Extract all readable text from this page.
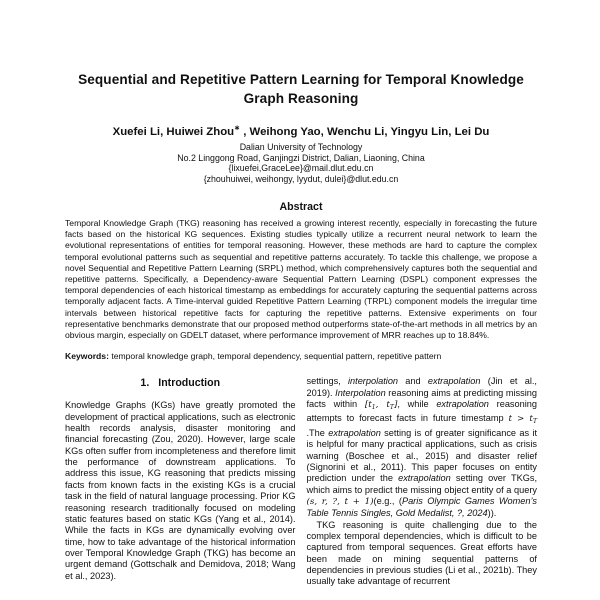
Sequential and Repetitive Pattern Learning for Temporal Knowledge Graph Reasoning
Xuefei Li, Huiwei Zhou∗ , Weihong Yao, Wenchu Li, Yingyu Lin, Lei Du
Dalian University of Technology
No.2 Linggong Road, Ganjingzi District, Dalian, Liaoning, China
{lixuefei,GraceLee}@mail.dlut.edu.cn
{zhouhuiwei, weihongy, lyydut, dulei}@dlut.edu.cn
Abstract

Temporal Knowledge Graph (TKG) reasoning has received a growing interest recently, especially in forecasting the future facts based on the historical KG sequences. Existing studies typically utilize a recurrent neural network to learn the evolutional representations of entities for temporal reasoning. However, these methods are hard to capture the complex temporal evolutional patterns such as sequential and repetitive patterns accurately. To tackle this challenge, we propose a novel Sequential and Repetitive Pattern Learning (SRPL) method, which comprehensively captures both the sequential and repetitive patterns. Specifically, a Dependency-aware Sequential Pattern Learning (DSPL) component expresses the temporal dependencies of each historical timestamp as embeddings for accurately capturing the sequential patterns across temporally adjacent facts. A Time-interval guided Repetitive Pattern Learning (TRPL) component models the irregular time intervals between historical repetitive facts for capturing the repetitive patterns. Extensive experiments on four representative benchmarks demonstrate that our proposed method outperforms state-of-the-art methods in all metrics by an obvious margin, especially on GDELT dataset, where performance improvement of MRR reaches up to 18.84%.

Keywords: temporal knowledge graph, temporal dependency, sequential pattern, repetitive pattern
1. Introduction

Knowledge Graphs (KGs) have greatly promoted the development of practical applications, such as electronic health records analysis, disaster monitoring and financial forecasting (Zou, 2020). However, large scale KGs often suffer from incompleteness and therefore limit the performance of downstream applications. To address this issue, KG reasoning that predicts missing facts from known facts in the existing KGs is a crucial task in the field of natural language processing. Prior KG reasoning research traditionally focused on modeling static features based on static KGs (Yang et al., 2014). While the facts in KGs are dynamically evolving over time, how to take advantage of the historical information over Temporal Knowledge Graph (TKG) has become an urgent demand (Gottschalk and Demidova, 2018; Wang et al., 2023).

settings, interpolation and extrapolation (Jin et al., 2019). Interpolation reasoning aims at predicting missing facts within [$t_1$, $t_T$], while extrapolation reasoning attempts to forecast facts in future timestamp $t > t_T$ .The extrapolation setting is of greater significance as it is helpful for many practical applications, such as crisis warning (Boschee et al., 2015) and disaster relief (Signorini et al., 2011). This paper focuses on entity prediction under the extrapolation setting over TKGs, which aims to predict the missing object entity of a query (s, r, ?, t + 1)(e.g., (Paris Olympic Games Women’s Table Tennis Singles, Gold Medalist, ?, 2024)).

TKG reasoning is quite challenging due to the complex temporal dependencies, which is difficult to be captured from temporal sequences. Great efforts have been made on mining sequential patterns of dependencies in previous studies (Li et al., 2021b). They usually take advantage of recurrent
